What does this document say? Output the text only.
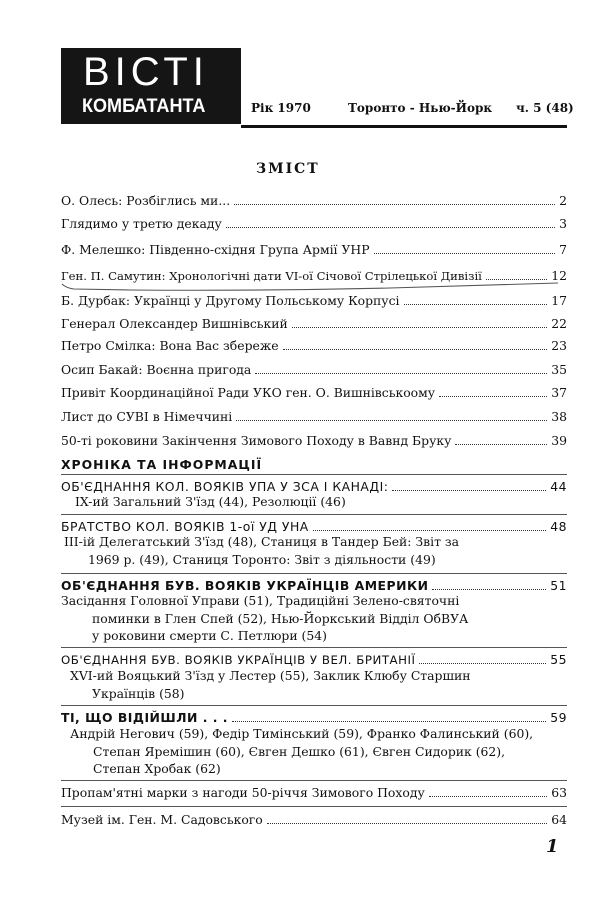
ВІСТІ
КОМБАТАНТА	Рік 1970	Торонто - Нью-Йорк ч. 5 (48)
ЗМІСТ
О. Олесь: Розбіглись ми...	2
Глядимо у третю декаду	3
Ф. Мелешко: Південно-східня Група Армії УНР	7
Ген. П. Самутин: Хронологічні дати VI-ої Січової Стрілецької Дивізії	12
Б. Дурбак: Українці у Другому Польському Корпусі	17
Генерал Олександер Вишнівський	22
Петро Смілка: Вона Вас збереже	23
Осип Бакай: Воєнна пригода	35
Привіт Координаційної Ради УКО ген. О. Вишнівськоому	37
Лист до СУВІ в Німеччині	38
50-ті роковини Закінчення Зимового Походу в Вавнд Бруку	39
ХРОНІКА ТА ІНФОРМАЦІЇ
ОБ'ЄДНАННЯ КОЛ. ВОЯКІВ УПА У ЗСА І КАНАДІ:	44
IX-ий Загальний З'їзд (44), Резолюції (46)
БРАТСТВО КОЛ. ВОЯКІВ 1-ої УД УНА	48
III-ій Делегатський З'їзд (48), Станиця в Тандер Бей: Звіт за
1969 р. (49), Станиця Торонто: Звіт з діяльности (49)
ОБ'ЄДНАННЯ БУВ. ВОЯКІВ УКРАЇНЦІВ АМЕРИКИ	51
Засідання Головної Управи (51), Традиційні Зелено-святочні
поминки в Глен Спей (52), Нью-Йоркський Відділ ОбВУА
у роковини смерти С. Петлюри (54)
ОБ'ЄДНАННЯ БУВ. ВОЯКІВ УКРАЇНЦІВ У ВЕЛ. БРИТАНІЇ	55
XVI-ий Вояцький З'їзд у Лестер (55), Заклик Клюбу Старшин
Українців (58)
ТІ, ЩО ВІДІЙШЛИ . . .	59
Андрій Негович (59), Федір Тимінський (59), Франко Фалинський (60),
Степан Яремішин (60), Євген Дешко (61), Євген Сидорик (62),
Степан Хробак (62)
Пропам'ятні марки з нагоди 50-річчя Зимового Походу	63
Музей ім. Ген. М. Садовського	64
1
